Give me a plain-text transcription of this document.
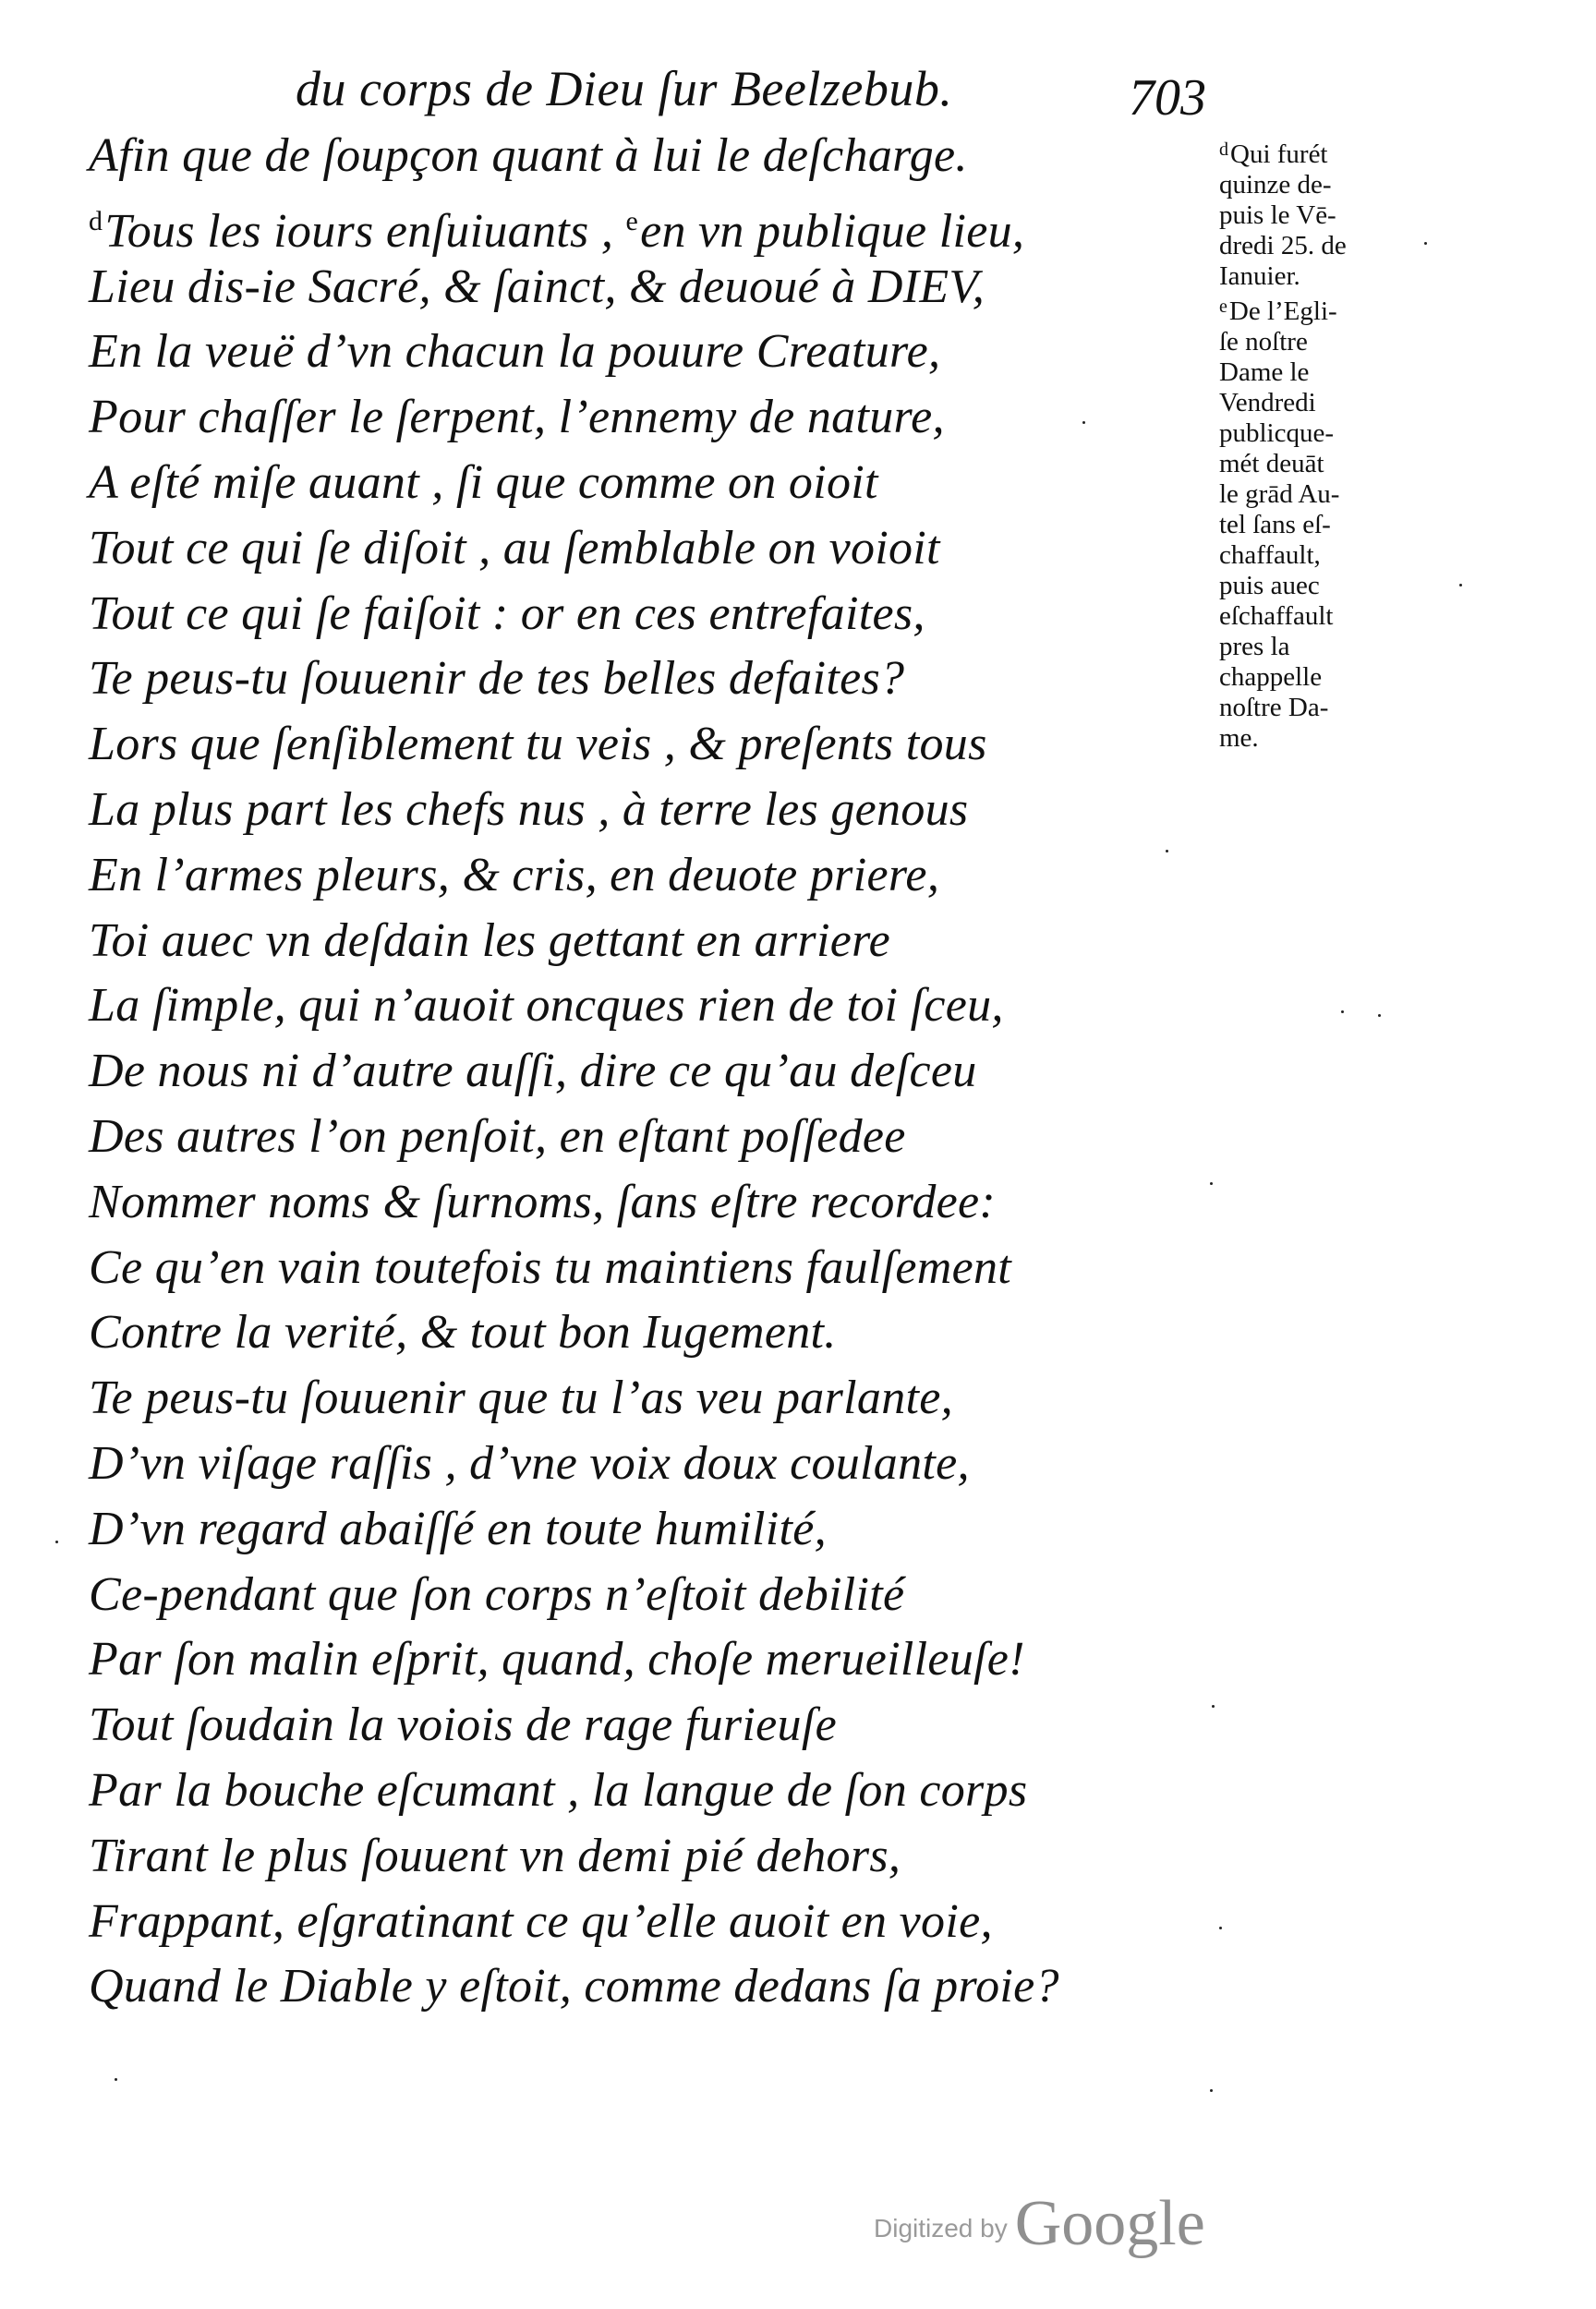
du corps de Dieu ſur Beelzebub.	703
Afin que de ſoupçon quant à lui le deſcharge.
$^d$Tous les iours enſuiuants , $^e$en vn publique lieu,
Lieu dis-ie Sacré, & ſainct, & deuoué à DIEV,
En la veuë d’vn chacun la pouure Creature,
Pour chaſſer le ſerpent, l’ennemy de nature,
A eſté miſe auant , ſi que comme on oioit
Tout ce qui ſe diſoit , au ſemblable on voioit
Tout ce qui ſe faiſoit : or en ces entrefaites,
Te peus-tu ſouuenir de tes belles defaites?
Lors que ſenſiblement tu veis , & preſents tous
La plus part les chefs nus , à terre les genous
En l’armes pleurs, & cris, en deuote priere,
Toi auec vn deſdain les gettant en arriere
La ſimple, qui n’auoit oncques rien de toi ſceu,
De nous ni d’autre auſſi, dire ce qu’au deſceu
Des autres l’on penſoit, en eſtant poſſedee
Nommer noms & ſurnoms, ſans eſtre recordee:
Ce qu’en vain toutefois tu maintiens faulſement
Contre la verité, & tout bon Iugement.
Te peus-tu ſouuenir que tu l’as veu parlante,
D’vn viſage raſſis , d’vne voix doux coulante,
D’vn regard abaiſſé en toute humilité,
Ce-pendant que ſon corps n’eſtoit debilité
Par ſon malin eſprit, quand, choſe merueilleuſe!
Tout ſoudain la voiois de rage furieuſe
Par la bouche eſcumant , la langue de ſon corps
Tirant le plus ſouuent vn demi pié dehors,
Frappant, eſgratinant ce qu’elle auoit en voie,
Quand le Diable y eſtoit, comme dedans ſa proie?
$^d$Qui furét
quinze de-
puis le Vē-
dredi 25. de
Ianuier.
$^e$De l’Egli-
ſe noſtre
Dame le
Vendredi
publicque-
mét deuāt
le grād Au-
tel ſans eſ-
chaffault,
puis auec
eſchaffault
pres la
chappelle
noſtre Da-
me.
Digitized by Google
